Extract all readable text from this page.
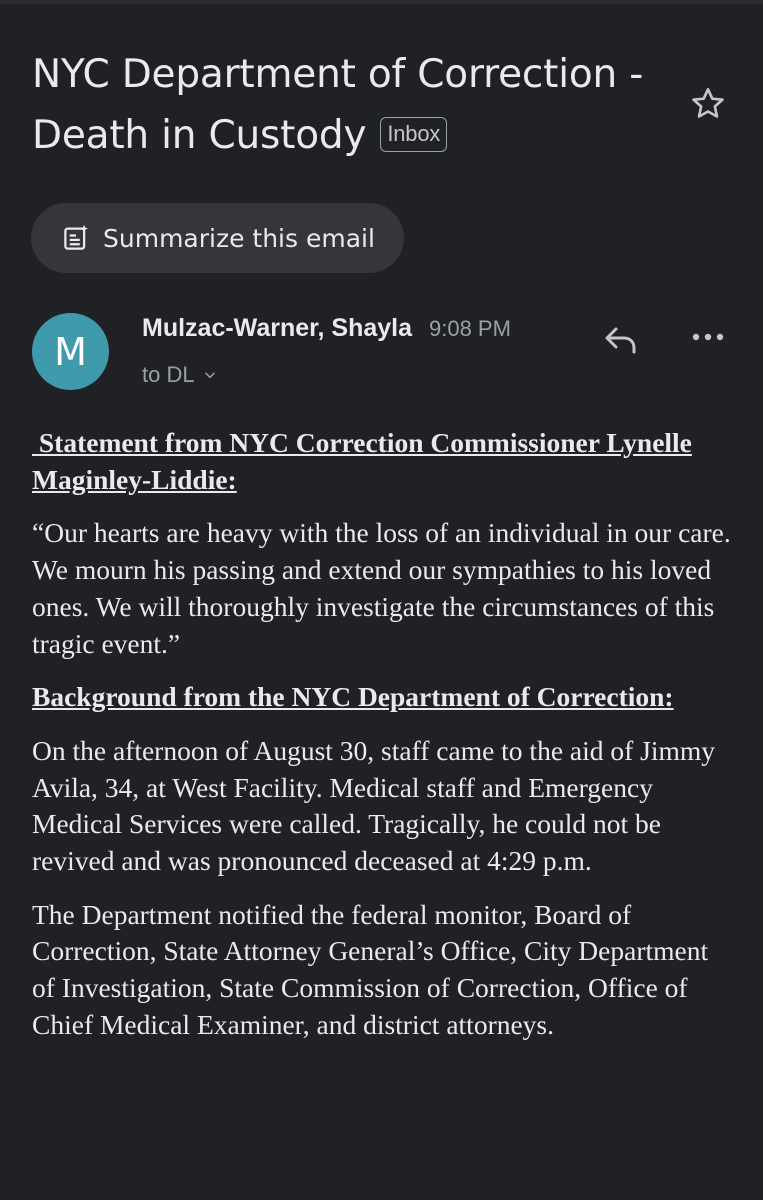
NYC Department of Correction - Death in Custody Inbox
Summarize this email
M
Mulzac-Warner, Shayla 9:08 PM
to DL

Statement from NYC Correction Commissioner Lynelle Maginley-Liddie:

“Our hearts are heavy with the loss of an individual in our care. We mourn his passing and extend our sympathies to his loved ones. We will thoroughly investigate the circumstances of this tragic event.”

Background from the NYC Department of Correction:

On the afternoon of August 30, staff came to the aid of Jimmy Avila, 34, at West Facility. Medical staff and Emergency Medical Services were called. Tragically, he could not be revived and was pronounced deceased at 4:29 p.m.

The Department notified the federal monitor, Board of Correction, State Attorney General’s Office, City Department of Investigation, State Commission of Correction, Office of Chief Medical Examiner, and district attorneys.
